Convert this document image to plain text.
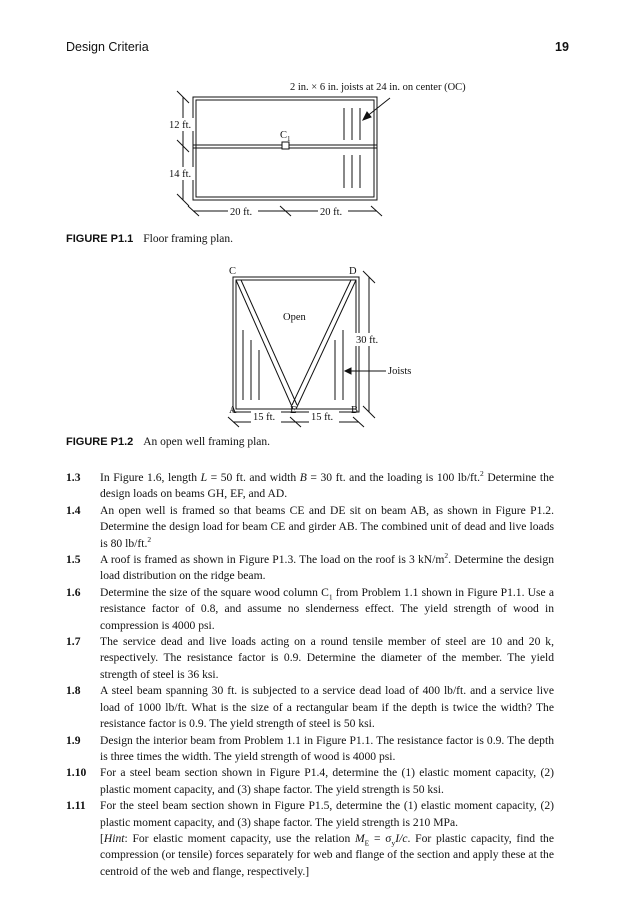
Design Criteria	19
2 in. × 6 in. joists at 24 in. on center (OC)
$C_1$
12 ft.
14 ft.
20 ft.	20 ft.
FIGURE P1.1 Floor framing plan.
C	D
A	E	B
Open
Joists
30 ft.
15 ft.	15 ft.
FIGURE P1.2 An open well framing plan.
1.3 In Figure 1.6, length L = 50 ft. and width B = 30 ft. and the loading is 100 lb/ft.$^2$ Determine the design loads on beams GH, EF, and AD.
1.4 An open well is framed so that beams CE and DE sit on beam AB, as shown in Figure P1.2. Determine the design load for beam CE and girder AB. The combined unit of dead and live loads is 80 lb/ft.$^2$
1.5 A roof is framed as shown in Figure P1.3. The load on the roof is 3 $kN/m^2$. Determine the design load distribution on the ridge beam.
1.6 Determine the size of the square wood column $C_1$ from Problem 1.1 shown in Figure P1.1. Use a resistance factor of 0.8, and assume no slenderness effect. The yield strength of wood in compression is 4000 psi.
1.7 The service dead and live loads acting on a round tensile member of steel are 10 and 20 k, respectively. The resistance factor is 0.9. Determine the diameter of the member. The yield strength of steel is 36 ksi.
1.8 A steel beam spanning 30 ft. is subjected to a service dead load of 400 lb/ft. and a service live load of 1000 lb/ft. What is the size of a rectangular beam if the depth is twice the width? The resistance factor is 0.9. The yield strength of steel is 50 ksi.
1.9 Design the interior beam from Problem 1.1 in Figure P1.1. The resistance factor is 0.9. The depth is three times the width. The yield strength of wood is 4000 psi.
1.10 For a steel beam section shown in Figure P1.4, determine the (1) elastic moment capacity, (2) plastic moment capacity, and (3) shape factor. The yield strength is 50 ksi.
1.11 For the steel beam section shown in Figure P1.5, determine the (1) elastic moment capacity, (2) plastic moment capacity, and (3) shape factor. The yield strength is 210 MPa.
[Hint: For elastic moment capacity, use the relation $M_E = \sigma_yI/c$. For plastic capacity, find the compression (or tensile) forces separately for web and flange of the section and apply these at the centroid of the web and flange, respectively.]
